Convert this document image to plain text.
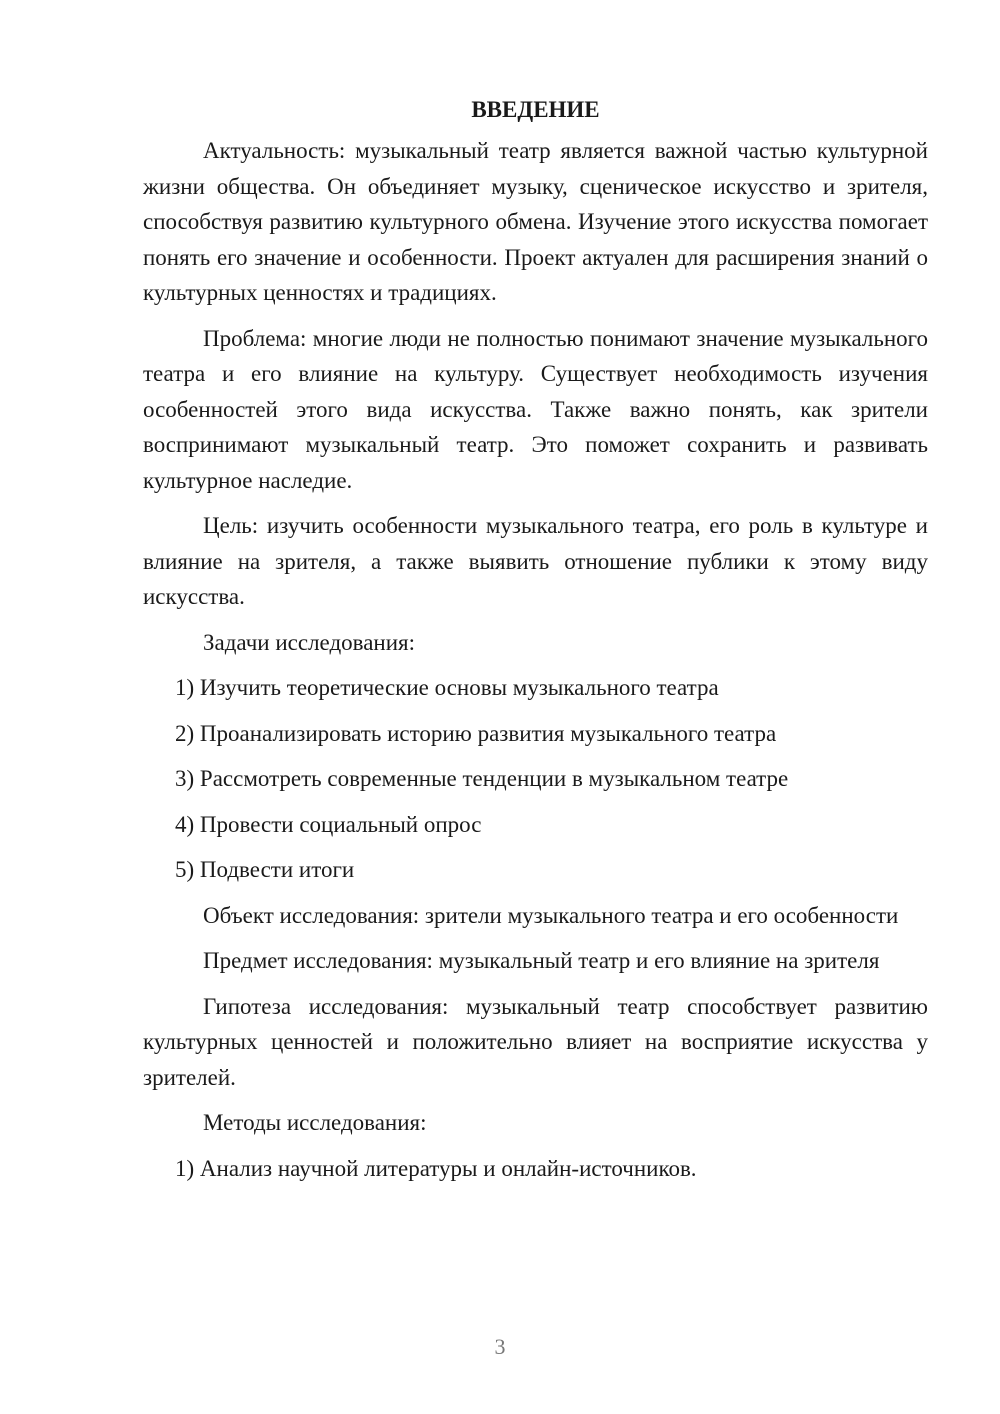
ВВЕДЕНИЕ
Актуальность: музыкальный театр является важной частью культурной жизни общества. Он объединяет музыку, сценическое искусство и зрителя, способствуя развитию культурного обмена. Изучение этого искусства помогает понять его значение и особенности. Проект актуален для расширения знаний о культурных ценностях и традициях.
Проблема: многие люди не полностью понимают значение музыкального театра и его влияние на культуру. Существует необходимость изучения особенностей этого вида искусства. Также важно понять, как зрители воспринимают музыкальный театр. Это поможет сохранить и развивать культурное наследие.
Цель: изучить особенности музыкального театра, его роль в культуре и влияние на зрителя, а также выявить отношение публики к этому виду искусства.
Задачи исследования:
1) Изучить теоретические основы музыкального театра
2) Проанализировать историю развития музыкального театра
3) Рассмотреть современные тенденции в музыкальном театре
4) Провести социальный опрос
5) Подвести итоги
Объект исследования: зрители музыкального театра и его особенности
Предмет исследования: музыкальный театр и его влияние на зрителя
Гипотеза исследования: музыкальный театр способствует развитию культурных ценностей и положительно влияет на восприятие искусства у зрителей.
Методы исследования:
1) Анализ научной литературы и онлайн-источников.
3
